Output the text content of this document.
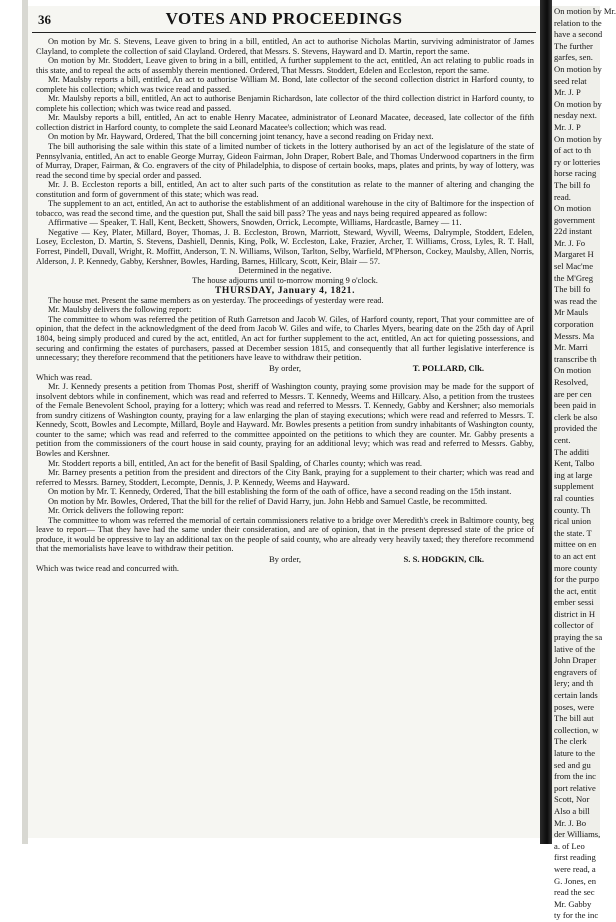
36	VOTES AND PROCEEDINGS

On motion by Mr. S. Stevens, Leave given to bring in a bill, entitled, An act to authorise Nicholas Martin, surviving administrator of James Clayland, to complete the collection of said Clayland. Ordered, that Messrs. S. Stevens, Hayward and D. Martin, report the same.

On motion by Mr. Stoddert, Leave given to bring in a bill, entitled, A further supplement to the act, entitled, An act relating to public roads in this state, and to repeal the acts of assembly therein mentioned. Ordered, That Messrs. Stoddert, Edelen and Eccleston, report the same.

Mr. Maulsby reports a bill, entitled, An act to authorise William M. Bond, late collector of the second collection district in Harford county, to complete his collection; which was twice read and passed.

Mr. Maulsby reports a bill, entitled, An act to authorise Benjamin Richardson, late collector of the third collection district in Harford county, to complete his collection; which was twice read and passed.

Mr. Maulsby reports a bill, entitled, An act to enable Henry Macatee, administrator of Leonard Macatee, deceased, late collector of the fifth collection district in Harford county, to complete the said Leonard Macatee's collection; which was read.

On motion by Mr. Hayward, Ordered, That the bill concerning joint tenancy, have a second reading on Friday next.

The bill authorising the sale within this state of a limited number of tickets in the lottery authorised by an act of the legislature of the state of Pennsylvania, entitled, An act to enable George Murray, Gideon Fairman, John Draper, Robert Bale, and Thomas Underwood copartners in the firm of Murray, Draper, Fairman, & Co. engravers of the city of Philadelphia, to dispose of certain books, maps, plates and prints, by way of lottery, was read the second time by special order and passed.

Mr. J. B. Eccleston reports a bill, entitled, An act to alter such parts of the constitution as relate to the manner of altering and changing the constitution and form of government of this state; which was read.

The supplement to an act, entitled, An act to authorise the establishment of an additional warehouse in the city of Baltimore for the inspection of tobacco, was read the second time, and the question put, Shall the said bill pass? The yeas and nays being required appeared as follow:

Affirmative — Speaker, T. Hall, Kent, Beckett, Showers, Snowden, Orrick, Lecompte, Williams, Hardcastle, Barney — 11.

Negative — Key, Plater, Millard, Boyer, Thomas, J. B. Eccleston, Brown, Marriott, Steward, Wyvill, Weems, Dalrymple, Stoddert, Edelen, Losey, Eccleston, D. Martin, S. Stevens, Dashiell, Dennis, King, Polk, W. Eccleston, Lake, Frazier, Archer, T. Williams, Cross, Lyles, R. T. Hall, Forrest, Pindell, Duvall, Wright, R. Moffitt, Anderson, T. N. Williams, Wilson, Tarlton, Selby, Warfield, M'Pherson, Cockey, Maulsby, Allen, Norris, Alderson, J. P. Kennedy, Gabby, Kershner, Bowles, Harding, Barnes, Hillcary, Scott, Keir, Blair — 57.

Determined in the negative.

The house adjourns until to-morrow morning 9 o'clock.

THURSDAY, January 4, 1821.

The house met. Present the same members as on yesterday. The proceedings of yesterday were read.

Mr. Maulsby delivers the following report:

The committee to whom was referred the petition of Ruth Garretson and Jacob W. Giles, of Harford county, report, That your committee are of opinion, that the defect in the acknowledgment of the deed from Jacob W. Giles and wife, to Charles Myers, bearing date on the 25th day of April 1804, being simply produced and cured by the act, entitled, An act for further supplement to the act, entitled, An act for quieting possessions, and securing and confirming the estates of purchasers, passed at December session 1815, and consequently that all further legislative interference is unnecessary; they therefore recommend that the petitioners have leave to withdraw their petition.

By order,	T. POLLARD, Clk.

Which was read.

Mr. J. Kennedy presents a petition from Thomas Post, sheriff of Washington county, praying some provision may be made for the support of insolvent debtors while in confinement, which was read and referred to Messrs. T. Kennedy, Weems and Hillcary. Also, a petition from the trustees of the Female Benevolent School, praying for a lottery; which was read and referred to Messrs. T. Kennedy, Gabby and Kershner; also memorials from sundry citizens of Washington county, praying for a law enlarging the plan of staying executions; which were read and referred to Messrs. T. Kennedy, Scott, Bowles and Lecompte, Millard, Boyle and Hayward. Mr. Bowles presents a petition from sundry inhabitants of Washington county, counter to the same; which was read and referred to the committee appointed on the petitions to which they are counter. Mr. Gabby presents a petition from the commissioners of the court house in said county, praying for an additional levy; which was read and referred to Messrs. Gabby, Bowles and Kershner.

Mr. Stoddert reports a bill, entitled, An act for the benefit of Basil Spalding, of Charles county; which was read.

Mr. Barney presents a petition from the president and directors of the City Bank, praying for a supplement to their charter; which was read and referred to Messrs. Barney, Stoddert, Lecompte, Dennis, J. P. Kennedy, Weems and Hayward.

On motion by Mr. T. Kennedy, Ordered, That the bill establishing the form of the oath of office, have a second reading on the 15th instant.

On motion by Mr. Bowles, Ordered, That the bill for the relief of David Harry, jun. John Hebb and Samuel Castle, be recommitted.

Mr. Orrick delivers the following report:

The committee to whom was referred the memorial of certain commissioners relative to a bridge over Meredith's creek in Baltimore county, beg leave to report— That they have had the same under their consideration, and are of opinion, that in the present depressed state of the price of produce, it would be oppressive to lay an additional tax on the people of said county, who are already very heavily taxed; they therefore recommend that the memorialists have leave to withdraw their petition.

By order,	S. S. HODGKIN, Clk.

Which was twice read and concurred with.

On motion by Mr.
relation to the
have a second
The further
garfes, sen.
On motion by
seed relat
Mr. J. P
On motion by
nesday next.
Mr. J. P
On motion by
of act to th
ry or lotteries
horse racing
The bill fo
read.
On motion
government
22d instant
Mr. J. Fo
Margaret H
sel Mac'me
the M'Greg
The bill fo
was read the
Mr Mauls
corporation
Messrs. Ma
Mr. Marri
transcribe th
On motion
Resolved,
are per cen
been paid in
clerk be also
provided the
cent.
The additi
Kent, Talbo
ing at large
supplement
ral counties
county. Th
rical union
the state. T
mittee on en
to an act ent
more county
for the purpo
the act, entit
ember sessi
district in H
collector of
praying the sa
lative of the
John Draper
engravers of
lery; and th
certain lands
poses, were
The bill aut
collection, w
The clerk
lature to the
sed and gu
from the inc
port relative
Scott, Nor
Also a bill
Mr. J. Bo
der Williams,
a. of Leo
first reading
were read, a
G. Jones, en
read the sec
Mr. Gabby
ty for the inc
